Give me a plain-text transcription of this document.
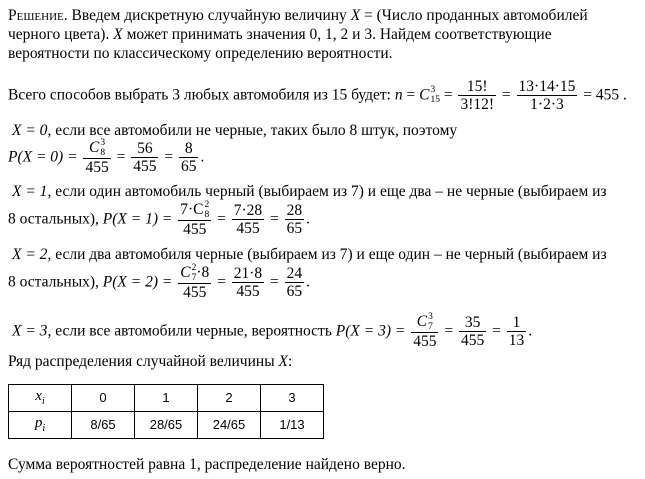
Решение. Введем дискретную случайную величину X = (Число проданных автомобилей
черного цвета). X может принимать значения 0, 1, 2 и 3. Найдем соответствующие
вероятности по классическому определению вероятности.
Всего способов выбрать 3 любых автомобиля из 15 будет: n = C 3
$15 = \frac{15!}{3!12!} = \frac{13\cdot 14\cdot 15}{1\cdot 2\cdot 3} = 455$ .
X = 0, если все автомобили не черные, таких было 8 штук, поэтому
P(X = 0) = C 3
8
$455 = \frac{56}{455} = \frac{8}{65}$ .
X = 1, если один автомобиль черный (выбираем из 7) и еще два – не черные (выбираем из
8 остальных), P(X = 1) = 7·C 2
8
$455 = \frac{7\cdot 28}{455} = \frac{28}{65}$ .
X = 2, если два автомобиля черные (выбираем из 7) и еще один – не черный (выбираем из
8 остальных), P(X = 2) = C 2
7 ·8
$455 = \frac{21\cdot 8}{455} = \frac{24}{65}$ .
X = 3, если все автомобили черные, вероятность P(X = 3) = C 3
7
$455 = \frac{35}{455} = \frac{1}{13}$ .
Ряд распределения случайной величины X:
$x_i$	0	1	2	3
$p_i$	8/65	28/65	24/65	1/13
Сумма вероятностей равна 1, распределение найдено верно.
